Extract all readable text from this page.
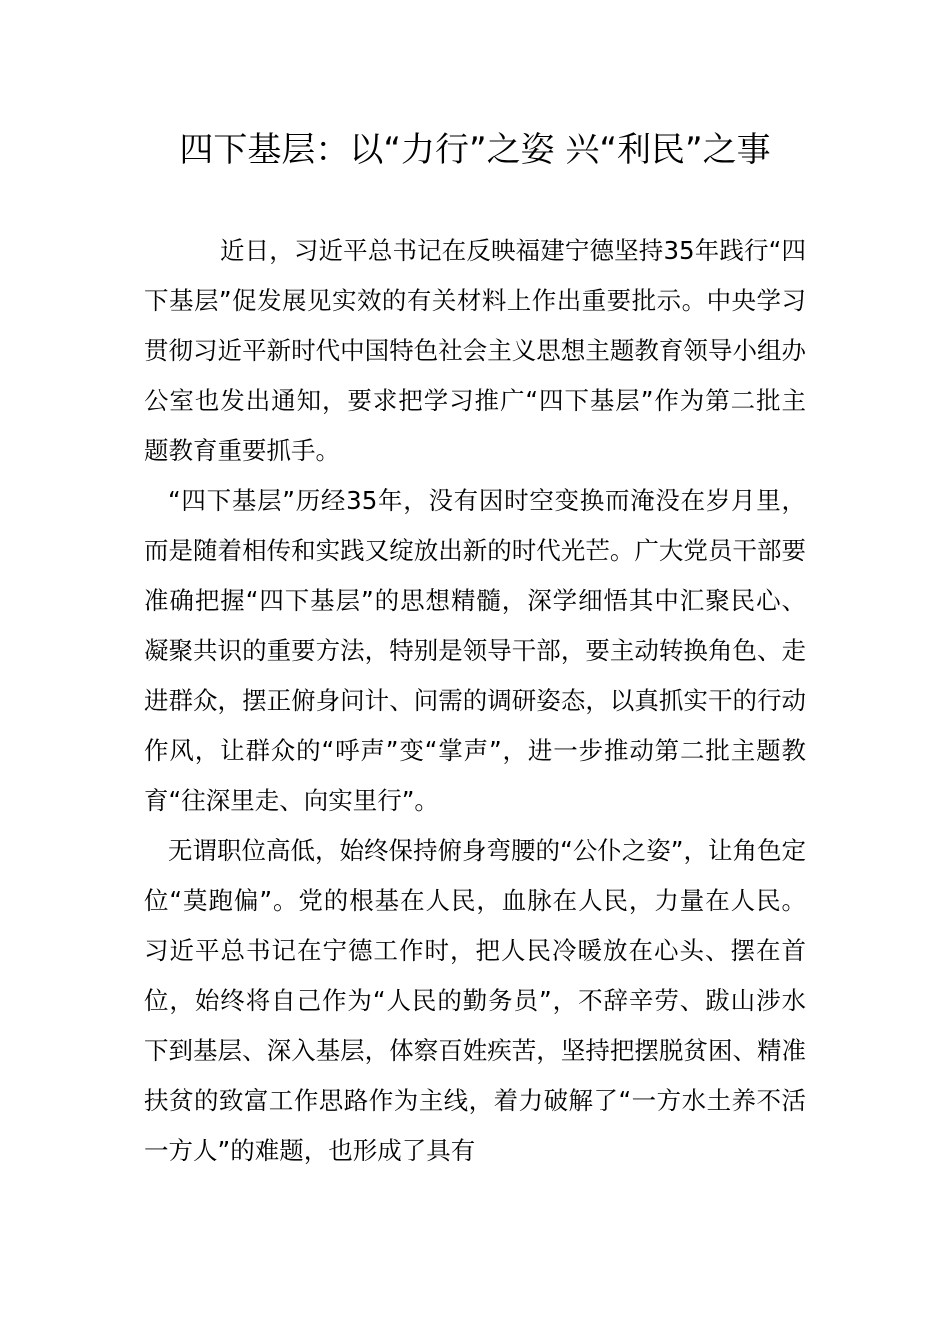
四下基层：以“力行”之姿 兴“利民”之事

近日，习近平总书记在反映福建宁德坚持35年践行“四下基层”促发展见实效的有关材料上作出重要批示。中央学习贯彻习近平新时代中国特色社会主义思想主题教育领导小组办公室也发出通知，要求把学习推广“四下基层”作为第二批主题教育重要抓手。

“四下基层”历经35年，没有因时空变换而淹没在岁月里，而是随着相传和实践又绽放出新的时代光芒。广大党员干部要准确把握“四下基层”的思想精髓，深学细悟其中汇聚民心、凝聚共识的重要方法，特别是领导干部，要主动转换角色、走进群众，摆正俯身问计、问需的调研姿态，以真抓实干的行动作风，让群众的“呼声”变“掌声”，进一步推动第二批主题教育“往深里走、向实里行”。

无谓职位高低，始终保持俯身弯腰的“公仆之姿”，让角色定位“莫跑偏”。党的根基在人民，血脉在人民，力量在人民。习近平总书记在宁德工作时，把人民冷暖放在心头、摆在首位，始终将自己作为“人民的勤务员”，不辞辛劳、跋山涉水下到基层、深入基层，体察百姓疾苦，坚持把摆脱贫困、精准扶贫的致富工作思路作为主线，着力破解了“一方水土养不活一方人”的难题，也形成了具有
